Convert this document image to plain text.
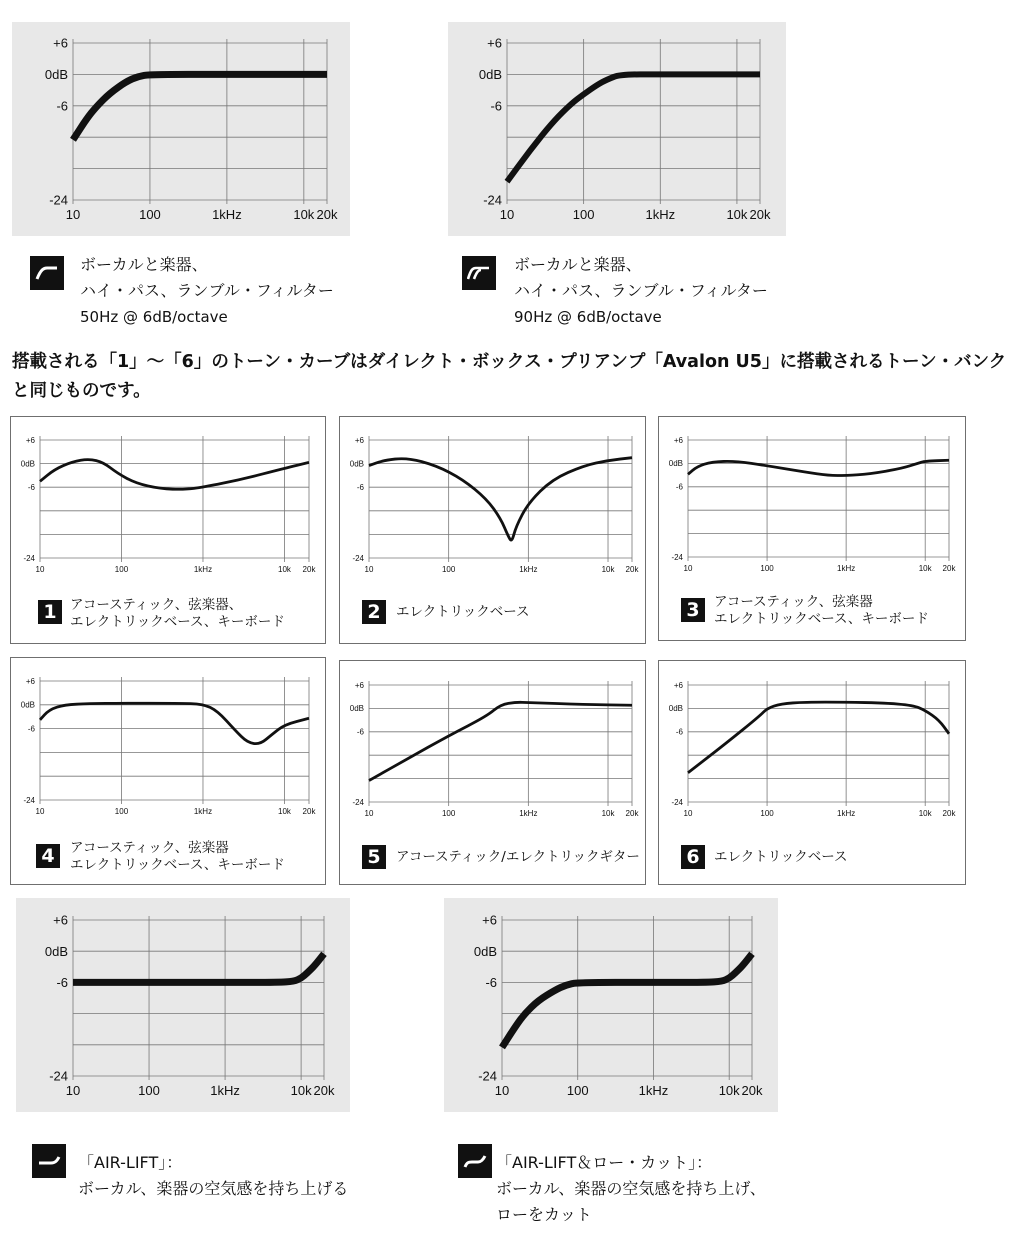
ボーカルと楽器、
ハイ・パス、ランブル・フィルター
50Hz @ 6dB/octave
ボーカルと楽器、
ハイ・パス、ランブル・フィルター
90Hz @ 6dB/octave
搭載される「1」〜「6」のトーン・カーブはダイレクト・ボックス・プリアンプ「Avalon U5」に搭載されるトーン・バンクと同じものです。
1 アコースティック、弦楽器、
エレクトリックベース、キーボード	2	エレクトリックベース	3	アコースティック、弦楽器
エレクトリックベース、キーボード
4	アコースティック、弦楽器
エレクトリックベース、キーボード	5	アコースティック/エレクトリックギター 6	エレクトリックベース
「AIR-LIFT」：
ボーカル、楽器の空気感を持ち上げる
「AIR-LIFT＆ロー・カット」：
ボーカル、楽器の空気感を持ち上げ、
ローをカット
+6
0dB
-6
-24
10	100	1kHz	10k 20k
+6
0dB
-6
-24
10	100	1kHz	10k 20k
+6
0dB
-6
-24
10	100	1kHz	10k 20k
+6
0dB
-6
-24
10	100	1kHz	10k 20k
+6
0dB
-6
-24
10	100	1kHz	10k 20k
+6
0dB
-6
-24
10	100	1kHz	10k 20k
+6
0dB
-6
-24
10	100	1kHz	10k 20k
+6
0dB
-6
-24
10	100	1kHz	10k 20k
+6
0dB
-6
-24
10	100	1kHz	10k 20k
+6
0dB
-6
-24
10	100	1kHz	10k 20k
